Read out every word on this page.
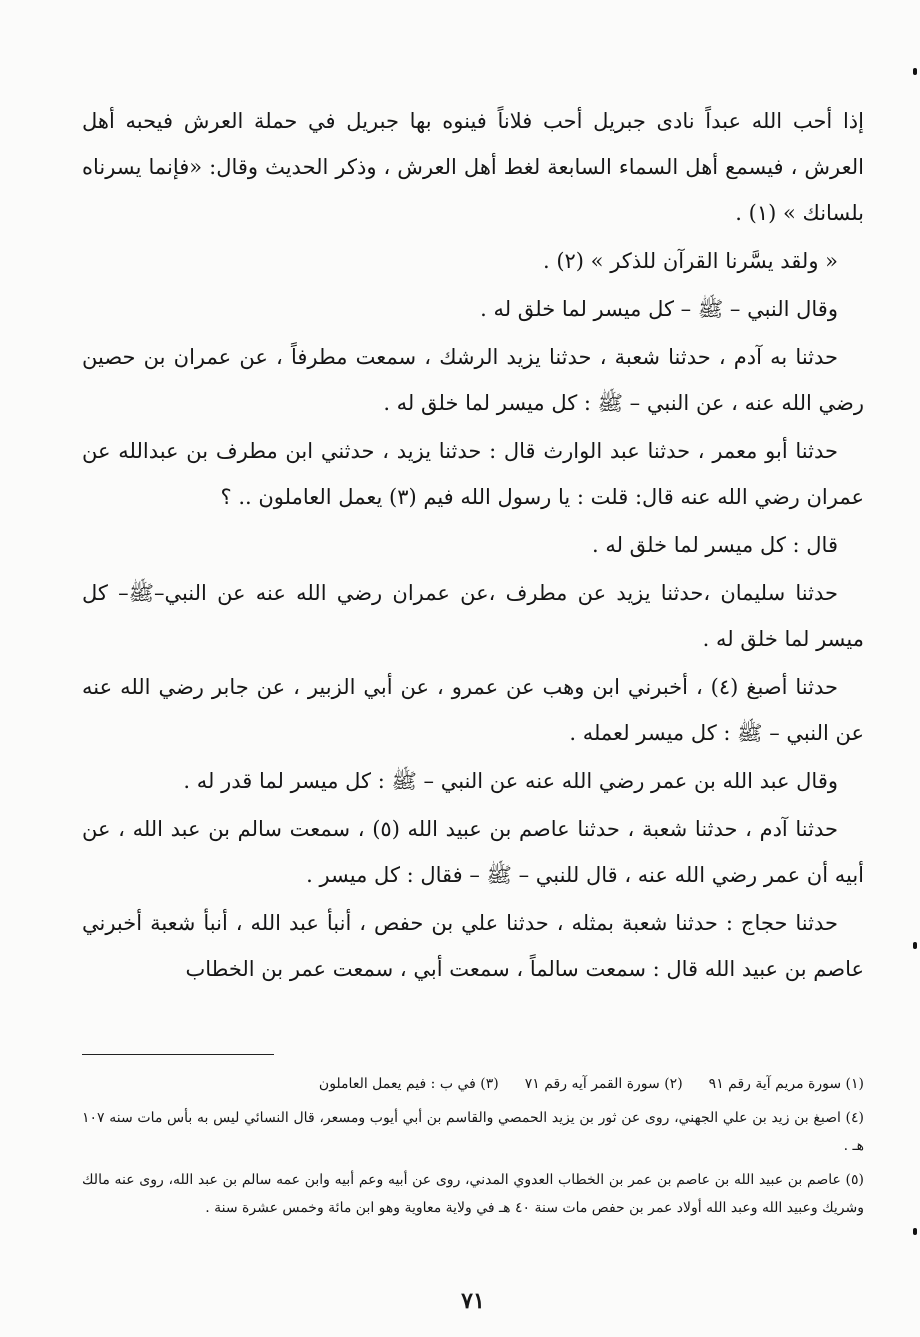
إذا أحب الله عبداً نادى جبريل أحب فلاناً فينوه بها جبريل في حملة العرش فيحبه أهل العرش ، فيسمع أهل السماء السابعة لغط أهل العرش ، وذكر الحديث وقال: «فإنما يسرناه بلسانك » (١) .

« ولقد يسَّرنا القرآن للذكر » (٢) .

وقال النبي – ﷺ – كل ميسر لما خلق له .

حدثنا به آدم ، حدثنا شعبة ، حدثنا يزيد الرشك ، سمعت مطرفاً ، عن عمران بن حصين رضي الله عنه ، عن النبي – ﷺ : كل ميسر لما خلق له .

حدثنا أبو معمر ، حدثنا عبد الوارث قال : حدثنا يزيد ، حدثني ابن مطرف بن عبدالله عن عمران رضي الله عنه قال: قلت : يا رسول الله فيم (٣) يعمل العاملون .. ؟

قال : كل ميسر لما خلق له .

حدثنا سليمان ،حدثنا يزيد عن مطرف ،عن عمران رضي الله عنه عن النبي–ﷺ– كل ميسر لما خلق له .

حدثنا أصبغ (٤) ، أخبرني ابن وهب عن عمرو ، عن أبي الزبير ، عن جابر رضي الله عنه عن النبي – ﷺ : كل ميسر لعمله .

وقال عبد الله بن عمر رضي الله عنه عن النبي – ﷺ : كل ميسر لما قدر له .

حدثنا آدم ، حدثنا شعبة ، حدثنا عاصم بن عبيد الله (٥) ، سمعت سالم بن عبد الله ، عن أبيه أن عمر رضي الله عنه ، قال للنبي – ﷺ – فقال : كل ميسر .

حدثنا حجاج : حدثنا شعبة بمثله ، حدثنا علي بن حفص ، أنبأ عبد الله ، أنبأ شعبة أخبرني عاصم بن عبيد الله قال : سمعت سالماً ، سمعت أبي ، سمعت عمر بن الخطاب

(١) سورة مريم آية رقم ٩١
(٢) سورة القمر آيه رقم ٧١
(٣) في ب : فيم يعمل العاملون

(٤) اصبغ بن زيد بن علي الجهني، روى عن ثور بن يزيد الحمصي والقاسم بن أبي أيوب ومسعر، قال النسائي ليس به بأس مات سنه ١٠٧ هـ .

(٥) عاصم بن عبيد الله بن عاصم بن عمر بن الخطاب العدوي المدني، روى عن أبيه وعم أبيه وابن عمه سالم بن عبد الله، روى عنه مالك وشريك وعبيد الله وعبد الله أولاد عمر بن حفص مات سنة ٤٠ هـ في ولاية معاوية وهو ابن مائة وخمس عشرة سنة .

٧١
